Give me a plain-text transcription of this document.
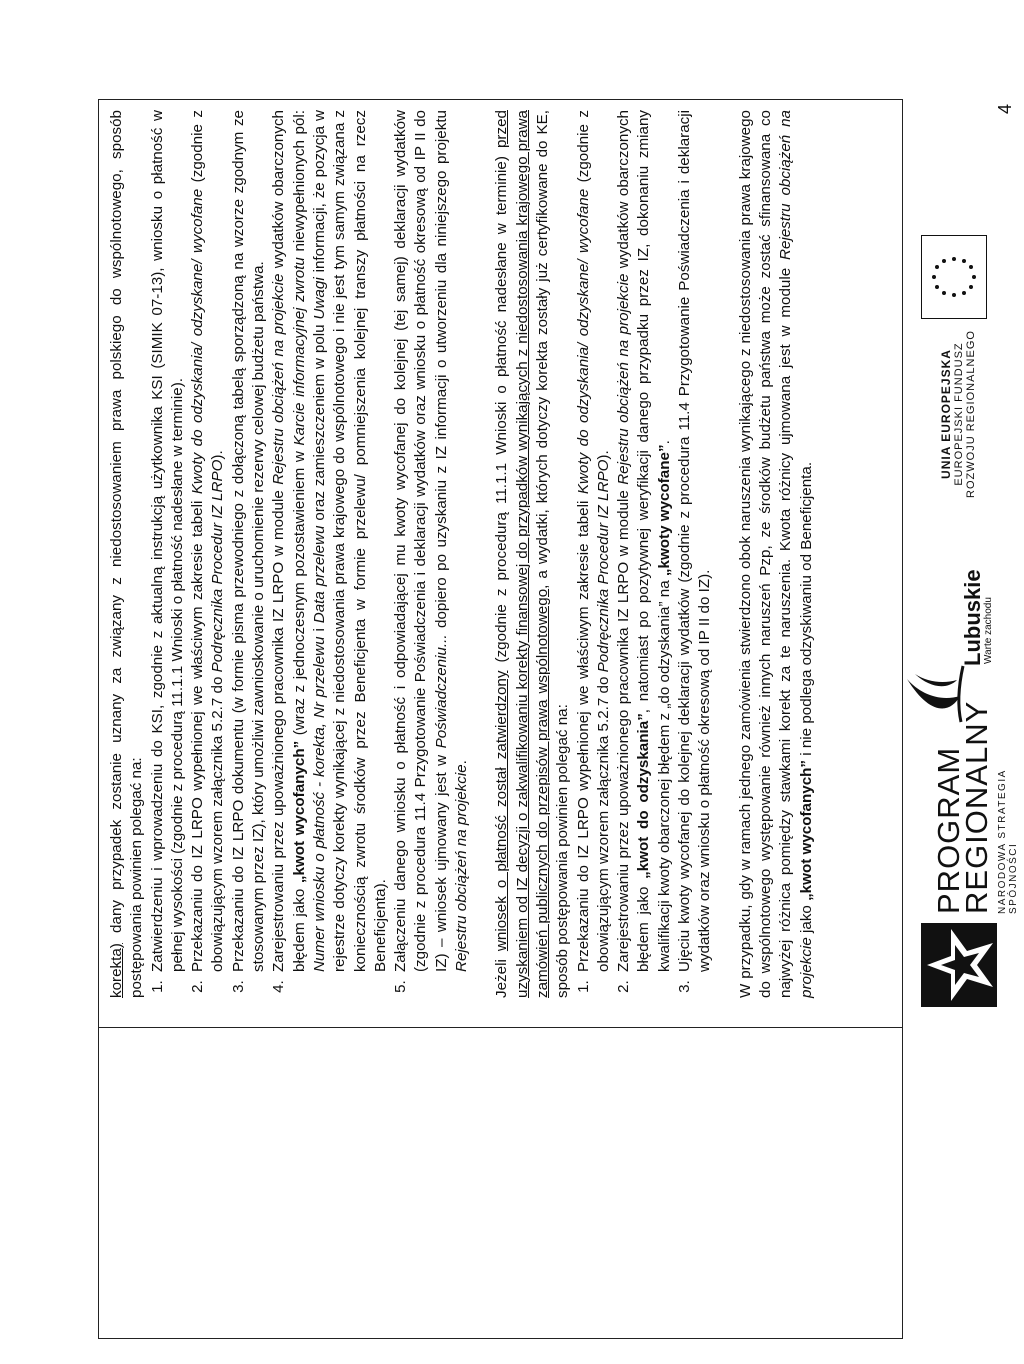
korekta) dany przypadek zostanie uznany za związany z niedostosowaniem prawa polskiego do wspólnotowego, sposób postępowania powinien polegać na: 1. Zatwierdzeniu i wprowadzeniu do KSI, zgodnie z aktualną instrukcją użytkownika KSI (SIMIK 07-13), wniosku o płatność w pełnej wysokości (zgodnie z procedurą 11.1.1 Wnioski o płatność nadesłane w terminie). 2. Przekazaniu do IZ LRPO wypełnionej we właściwym zakresie tabeli Kwoty do odzyskania/ odzyskane/ wycofane (zgodnie z obowiązującym wzorem załącznika 5.2.7 do Podręcznika Procedur IZ LRPO). 3. Przekazaniu do IZ LRPO dokumentu (w formie pisma przewodniego z dołączoną tabelą sporządzoną na wzorze zgodnym ze stosowanym przez IZ), który umożliwi zawnioskowanie o uruchomienie rezerwy celowej budżetu państwa. 4. Zarejestrowaniu przez upoważnionego pracownika IZ LRPO w module Rejestru obciążeń na projekcie wydatków obarczonych błędem jako „kwot wycofanych” (wraz z jednoczesnym pozostawieniem w Karcie informacyjnej zwrotu niewypełnionych pól: Numer wniosku o płatność - korekta, Nr przelewu i Data przelewu oraz zamieszczeniem w polu Uwagi informacji, że pozycja w rejestrze dotyczy korekty wynikającej z niedostosowania prawa krajowego do wspólnotowego i nie jest tym samym związana z koniecznością zwrotu środków przez Beneficjenta w formie przelewu/ pomniejszenia kolejnej transzy płatności na rzecz Beneficjenta). 5. Załączeniu danego wniosku o płatność i odpowiadającej mu kwoty wycofanej do kolejnej (tej samej) deklaracji wydatków (zgodnie z procedura 11.4 Przygotowanie Poświadczenia i deklaracji wydatków oraz wniosku o płatność okresową od IP II do IZ) – wniosek ujmowany jest w Poświadczeniu... dopiero po uzyskaniu z IZ informacji o utworzeniu dla niniejszego projektu Rejestru obciążeń na projekcie.

Jeżeli wniosek o płatność został zatwierdzony (zgodnie z procedurą 11.1.1 Wnioski o płatność nadesłane w terminie) przed uzyskaniem od IZ decyzji o zakwalifikowaniu korekty finansowej do przypadków wynikających z niedostosowania krajowego prawa zamówień publicznych do przepisów prawa wspólnotowego, a wydatki, których dotyczy korekta zostały już certyfikowane do KE, sposób postępowania powinien polegać na: 1. Przekazaniu do IZ LRPO wypełnionej we właściwym zakresie tabeli Kwoty do odzyskania/ odzyskane/ wycofane (zgodnie z obowiązującym wzorem załącznika 5.2.7 do Podręcznika Procedur IZ LRPO).
2. Zarejestrowaniu przez upoważnionego pracownika IZ LRPO w module Rejestru obciążeń na projekcie wydatków obarczonych błędem jako „kwot do odzyskania”, natomiast po pozytywnej weryfikacji danego przypadku przez IZ, dokonaniu zmiany kwalifikacji kwoty obarczonej błędem z „do odzyskania” na „kwoty wycofane”. 3. Ujęciu kwoty wycofanej do kolejnej deklaracji wydatków (zgodnie z procedura 11.4 Przygotowanie Poświadczenia i deklaracji wydatków oraz wniosku o płatność okresową od IP II do IZ). W przypadku, gdy w ramach jednego zamówienia stwierdzono obok naruszenia wynikającego z niedostosowania prawa krajowego do wspólnotowego występowanie również innych naruszeń Pzp, ze środków budżetu państwa może zostać sfinansowana co najwyżej różnica pomiędzy stawkami korekt za te naruszenia. Kwota różnicy ujmowana jest w module Rejestru obciążeń na projekcie jako „kwot wycofanych” i nie podlega odzyskiwaniu od Beneficjenta.

PROGRAM
REGIONALNY NARODOWA STRATEGIA SPÓJNOŚCI
Lubuskie
Warte zachodu
UNIA EUROPEJSKA EUROPEJSKI FUNDUSZ ROZWOJU REGIONALNEGO
4
